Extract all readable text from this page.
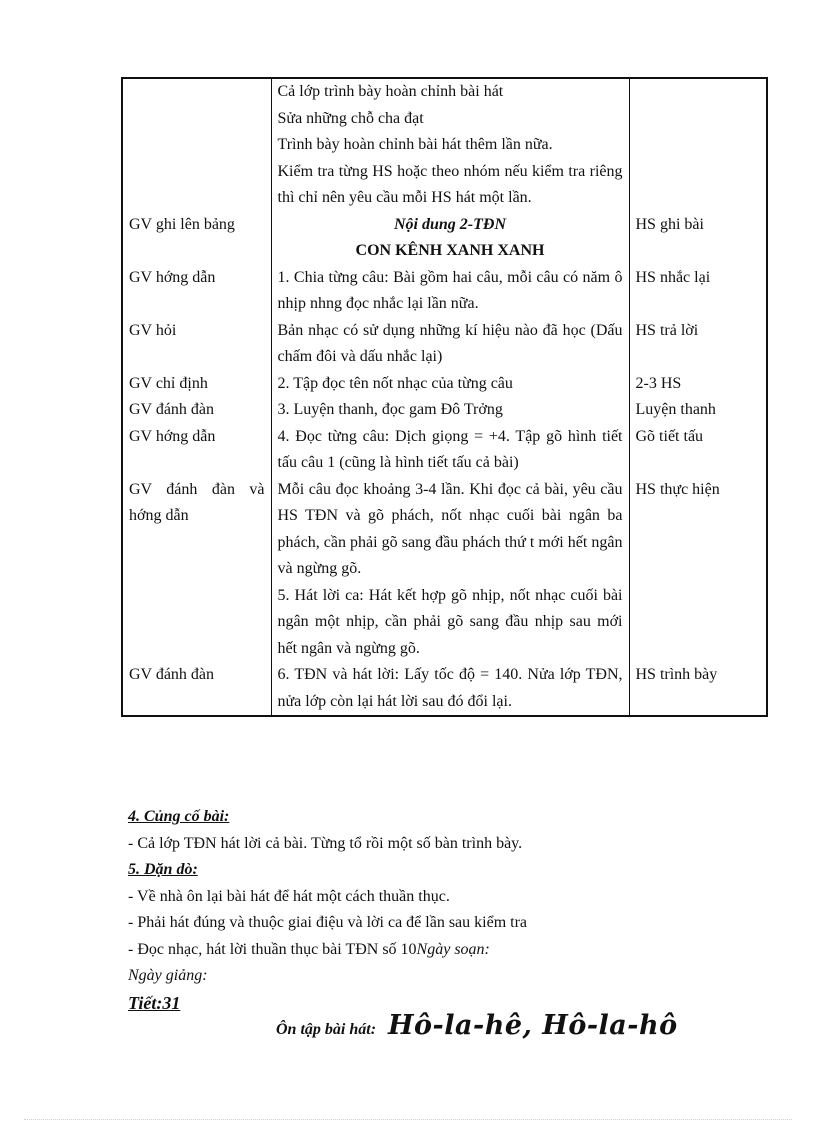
	Cả lớp trình bày hoàn chỉnh bài hát
Sửa những chỗ cha đạt
Trình bày hoàn chỉnh bài hát thêm lần nữa.
Kiểm tra từng HS hoặc theo nhóm nếu kiểm tra riêng thì chỉ nên yêu cầu mỗi HS hát một lần.	
GV ghi lên bảng	Nội dung 2-TĐN	HS ghi bài
	CON KÊNH XANH XANH	
GV hớng dẫn	1. Chia từng câu: Bài gồm hai câu, mỗi câu có năm ô nhịp nhng đọc nhắc lại lần nữa.	HS nhắc lại
GV hỏi	Bản nhạc có sử dụng những kí hiệu nào đã học (Dấu chấm đôi và dấu nhắc lại)	HS trả lời
GV chỉ định	2. Tập đọc tên nốt nhạc của từng câu	2-3 HS
GV đánh đàn	3. Luyện thanh, đọc gam Đô Trởng	Luyện thanh
GV hớng dẫn	4. Đọc từng câu: Dịch giọng = +4. Tập gõ hình tiết tấu câu 1 (cũng là hình tiết tấu cả bài)	Gõ tiết tấu
GV đánh đàn và hớng dẫn	Mỗi câu đọc khoảng 3-4 lần. Khi đọc cả bài, yêu cầu HS TĐN và gõ phách, nốt nhạc cuối bài ngân ba phách, cần phải gõ sang đầu phách thứ t mới hết ngân và ngừng gõ.	HS thực hiện
	5. Hát lời ca: Hát kết hợp gõ nhịp, nốt nhạc cuối bài ngân một nhịp, cần phải gõ sang đầu nhịp sau mới hết ngân và ngừng gõ.	
GV đánh đàn	6. TĐN và hát lời: Lấy tốc độ = 140. Nửa lớp TĐN, nửa lớp còn lại hát lời sau đó đổi lại.	HS trình bày
4. Củng cố bài:
- Cả lớp TĐN hát lời cả bài. Từng tổ rồi một số bàn trình bày.
5. Dặn dò:
- Về nhà ôn lại bài hát để hát một cách thuần thục.
- Phải hát đúng và thuộc giai điệu và lời ca để lần sau kiểm tra
- Đọc nhạc, hát lời thuần thục bài TĐN số 10Ngày soạn:
Ngày giảng:
Tiết:31
Ôn tập bài hát: Hô-la-hê, Hô-la-hô
